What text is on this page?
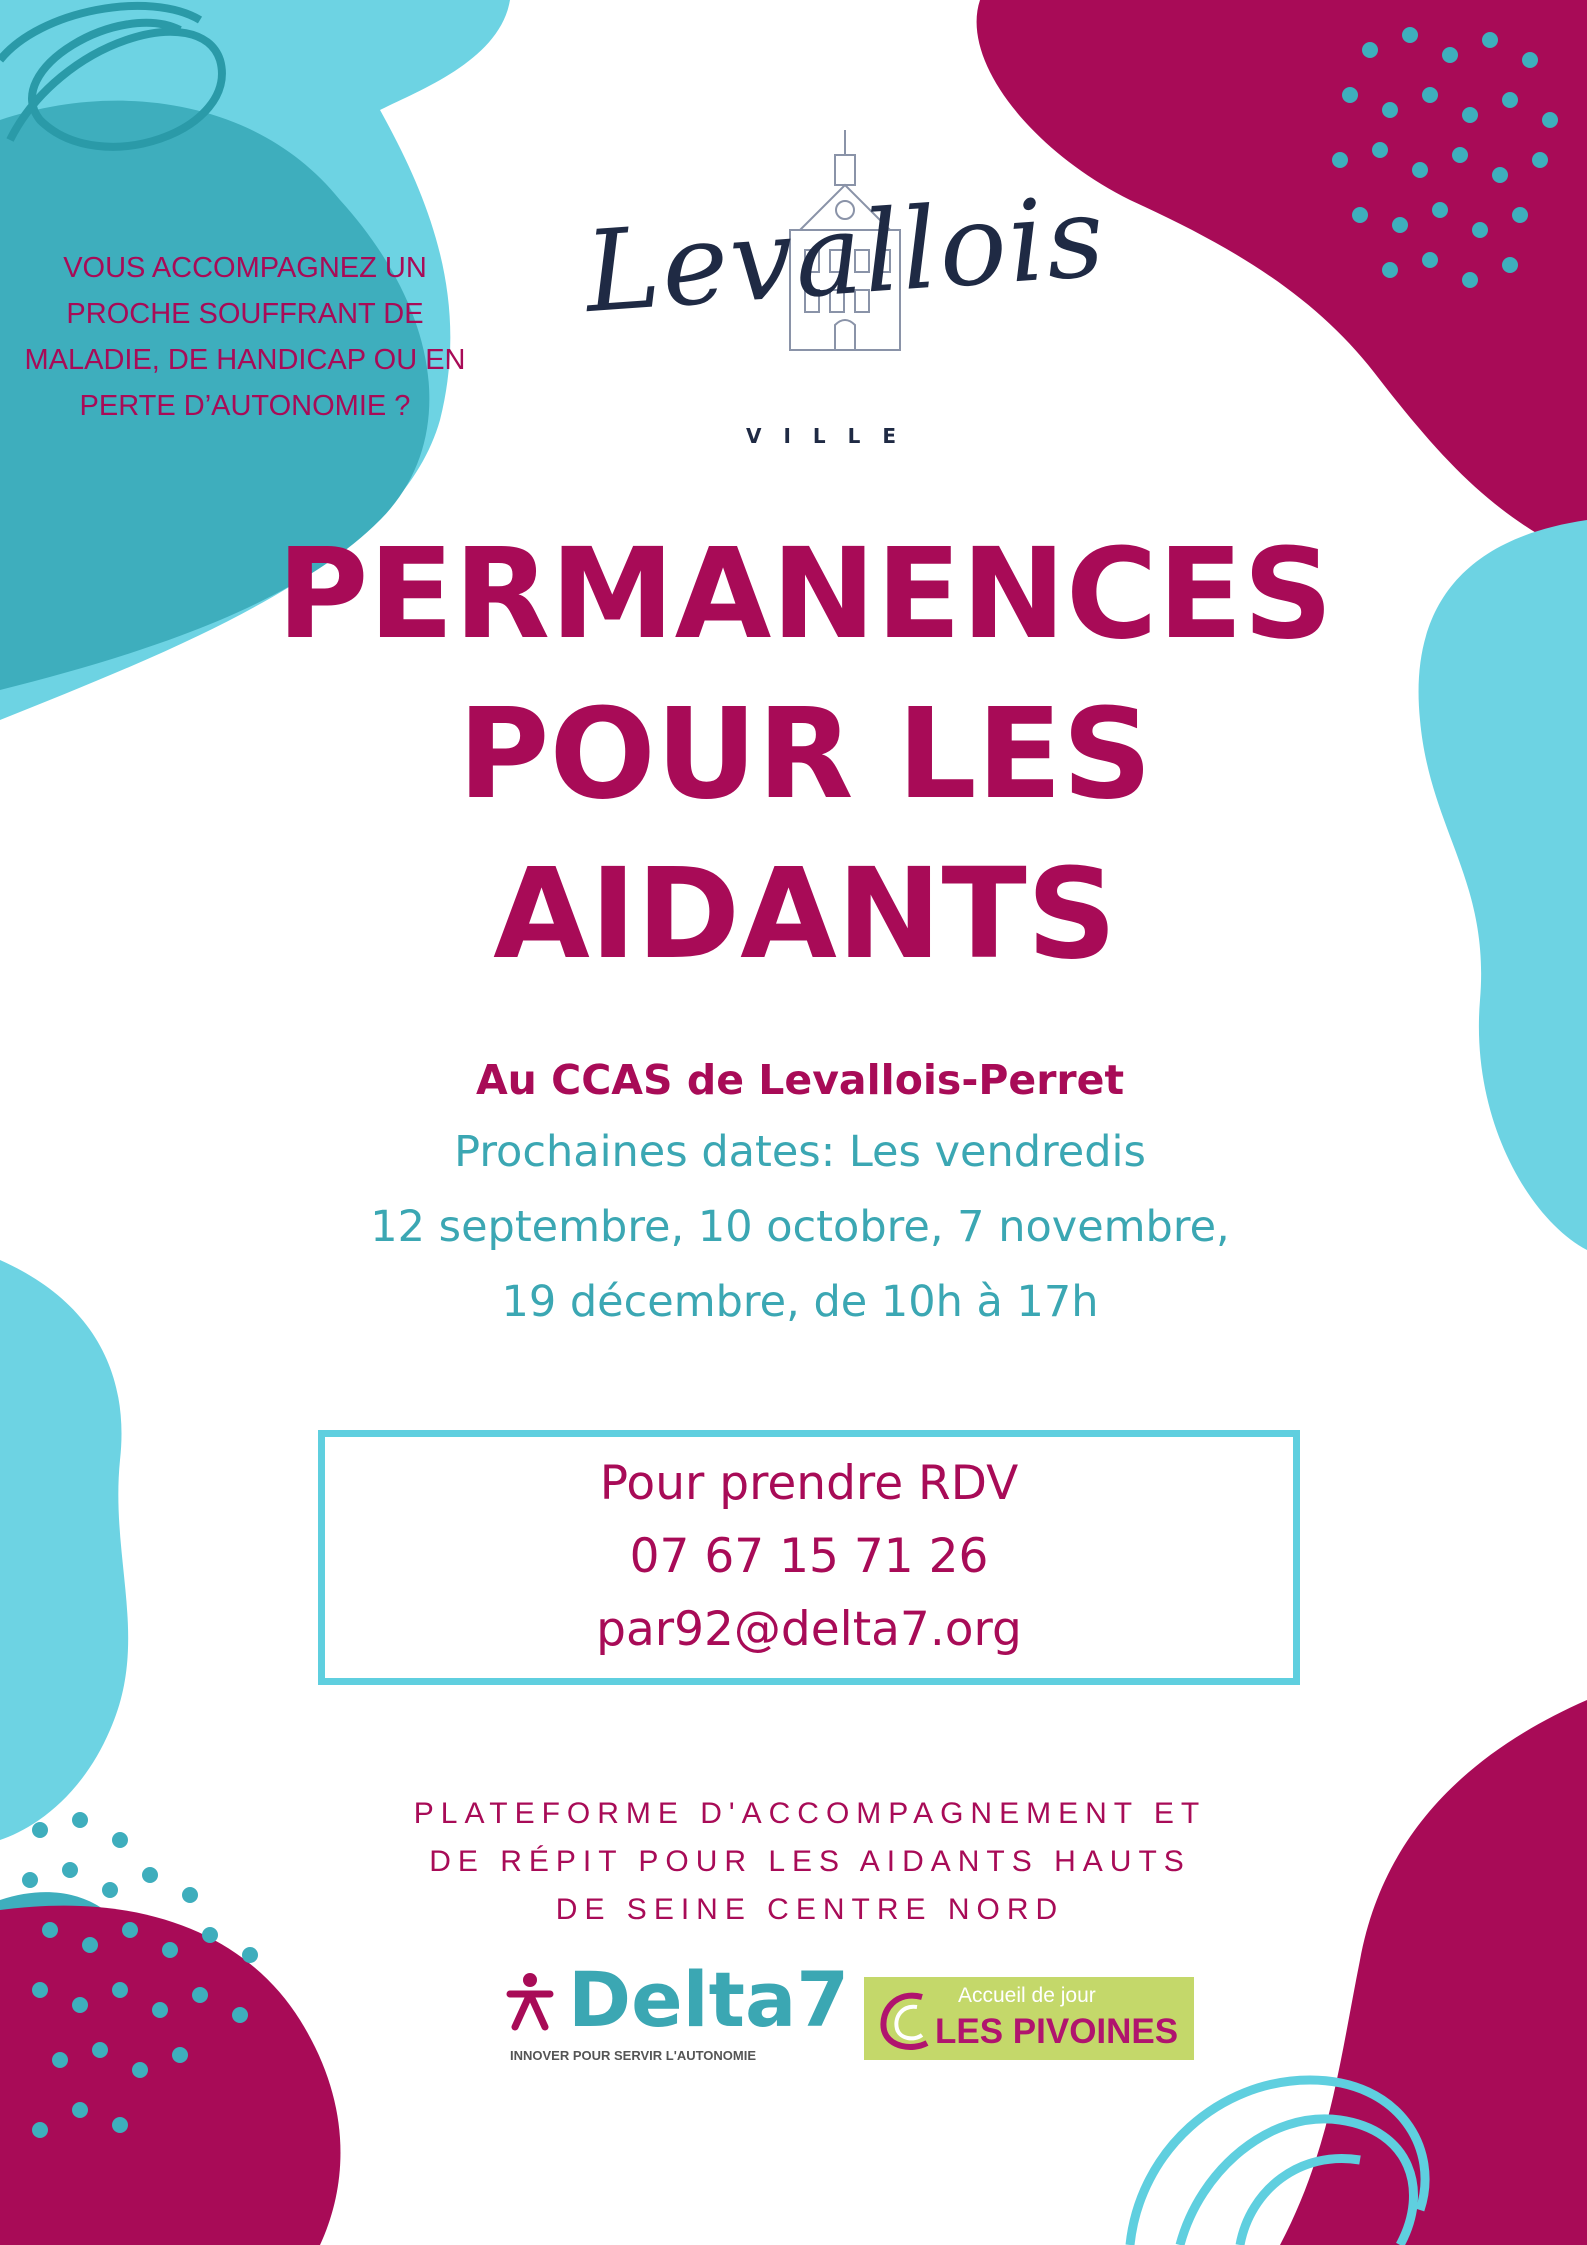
VOUS ACCOMPAGNEZ UN
PROCHE SOUFFRANT DE
MALADIE, DE HANDICAP OU EN
PERTE D’AUTONOMIE ?
Levallois
VILLE
PERMANENCES
POUR LES
AIDANTS
Au CCAS de Levallois-Perret
Prochaines dates: Les vendredis
12 septembre, 10 octobre, 7 novembre,
19 décembre, de 10h à 17h
Pour prendre RDV
07 67 15 71 26
par92@delta7.org
PLATEFORME D'ACCOMPAGNEMENT ET
DE RÉPIT POUR LES AIDANTS HAUTS
DE SEINE CENTRE NORD
Delta7
INNOVER POUR SERVIR L'AUTONOMIE
Accueil de jour
LES PIVOINES
